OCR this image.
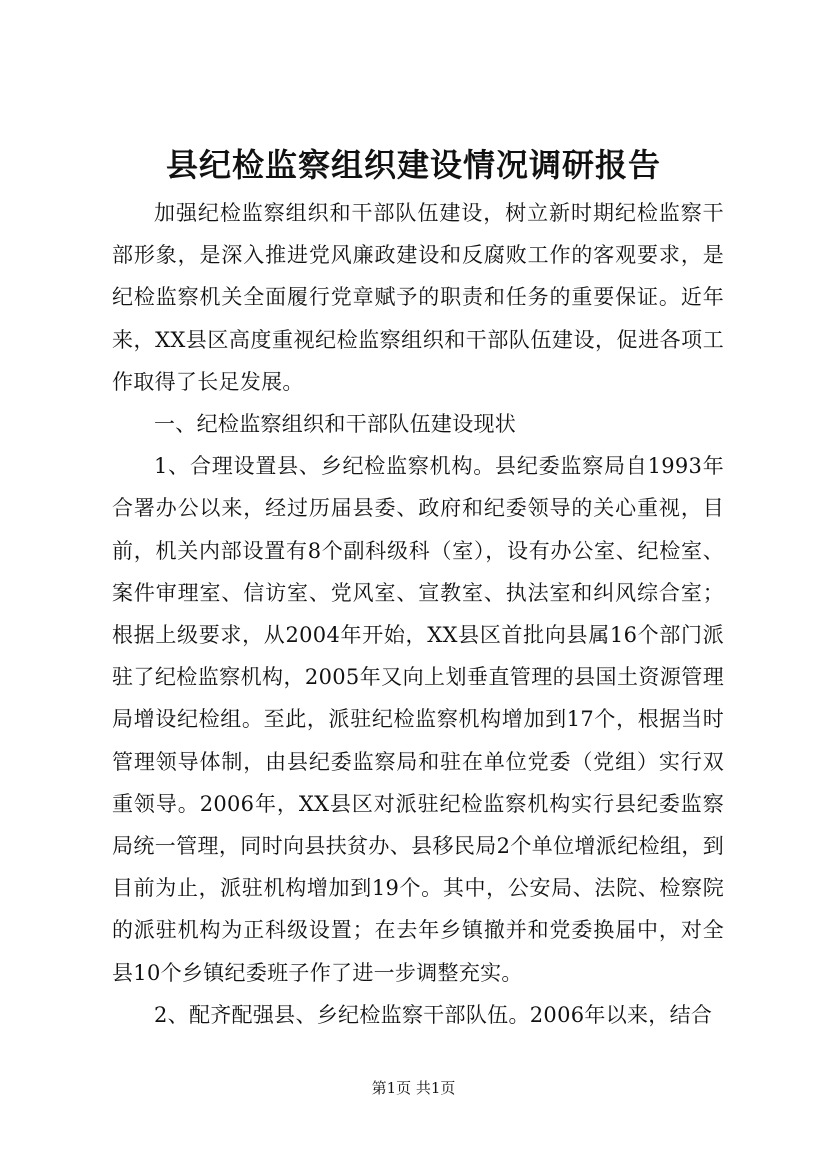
县纪检监察组织建设情况调研报告

加强纪检监察组织和干部队伍建设，树立新时期纪检监察干部形象，是深入推进党风廉政建设和反腐败工作的客观要求，是纪检监察机关全面履行党章赋予的职责和任务的重要保证。近年来，XX县区高度重视纪检监察组织和干部队伍建设，促进各项工作取得了长足发展。

一、纪检监察组织和干部队伍建设现状

1、合理设置县、乡纪检监察机构。县纪委监察局自1993年合署办公以来，经过历届县委、政府和纪委领导的关心重视，目前，机关内部设置有8个副科级科（室），设有办公室、纪检室、案件审理室、信访室、党风室、宣教室、执法室和纠风综合室；根据上级要求，从2004年开始，XX县区首批向县属16个部门派驻了纪检监察机构，2005年又向上划垂直管理的县国土资源管理局增设纪检组。至此，派驻纪检监察机构增加到17个，根据当时管理领导体制，由县纪委监察局和驻在单位党委（党组）实行双重领导。2006年，XX县区对派驻纪检监察机构实行县纪委监察局统一管理，同时向县扶贫办、县移民局2个单位增派纪检组，到目前为止，派驻机构增加到19个。其中，公安局、法院、检察院的派驻机构为正科级设置；在去年乡镇撤并和党委换届中，对全县10个乡镇纪委班子作了进一步调整充实。

2、配齐配强县、乡纪检监察干部队伍。2006年以来，结合

第1页 共1页
